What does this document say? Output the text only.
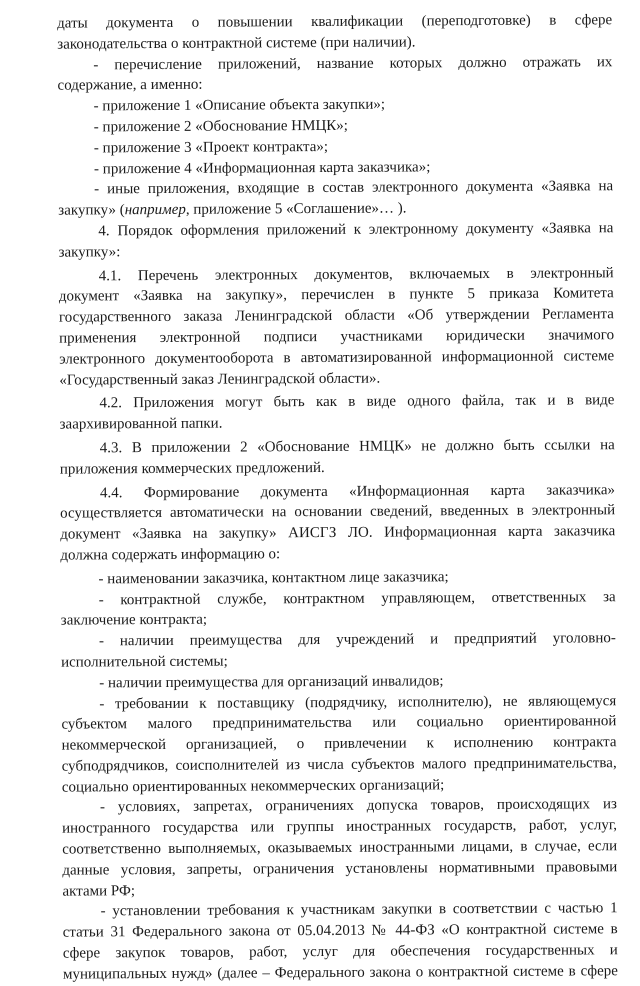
даты документа о повышении квалификации (переподготовке) в сфере
законодательства о контрактной системе (при наличии).
- перечисление приложений, название которых должно отражать их
содержание, а именно:
- приложение 1 «Описание объекта закупки»;
- приложение 2 «Обоснование НМЦК»;
- приложение 3 «Проект контракта»;
- приложение 4 «Информационная карта заказчика»;
- иные приложения, входящие в состав электронного документа «Заявка на
закупку» (например, приложение 5 «Соглашение»… ).
4. Порядок оформления приложений к электронному документу «Заявка на
закупку»:
4.1. Перечень электронных документов, включаемых в электронный
документ «Заявка на закупку», перечислен в пункте 5 приказа Комитета
государственного заказа Ленинградской области «Об утверждении Регламента
применения электронной подписи участниками юридически значимого
электронного документооборота в автоматизированной информационной системе
«Государственный заказ Ленинградской области».
4.2. Приложения могут быть как в виде одного файла, так и в виде
заархивированной папки.
4.3. В приложении 2 «Обоснование НМЦК» не должно быть ссылки на
приложения коммерческих предложений.
4.4. Формирование документа «Информационная карта заказчика»
осуществляется автоматически на основании сведений, введенных в электронный
документ «Заявка на закупку» АИСГЗ ЛО. Информационная карта заказчика
должна содержать информацию о:
- наименовании заказчика, контактном лице заказчика;
- контрактной службе, контрактном управляющем, ответственных за
заключение контракта;
- наличии преимущества для учреждений и предприятий уголовно-
исполнительной системы;
- наличии преимущества для организаций инвалидов;
- требовании к поставщику (подрядчику, исполнителю), не являющемуся
субъектом малого предпринимательства или социально ориентированной
некоммерческой организацией, о привлечении к исполнению контракта
субподрядчиков, соисполнителей из числа субъектов малого предпринимательства,
социально ориентированных некоммерческих организаций;
- условиях, запретах, ограничениях допуска товаров, происходящих из
иностранного государства или группы иностранных государств, работ, услуг,
соответственно выполняемых, оказываемых иностранными лицами, в случае, если
данные условия, запреты, ограничения установлены нормативными правовыми
актами РФ;
- установлении требования к участникам закупки в соответствии с частью 1
статьи 31 Федерального закона от 05.04.2013 № 44-ФЗ «О контрактной системе в
сфере закупок товаров, работ, услуг для обеспечения государственных и
муниципальных нужд» (далее – Федерального закона о контрактной системе в сфере
